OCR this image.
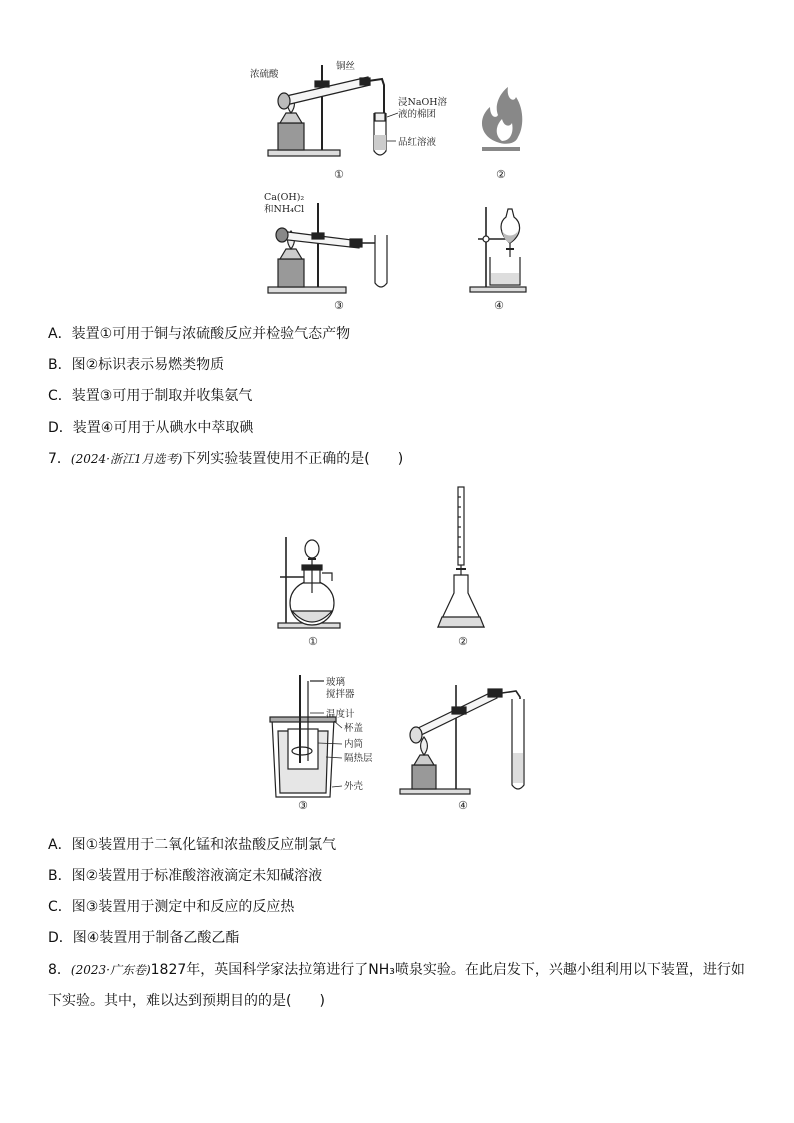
浓硫酸
铜丝
浸NaOH溶
液的棉团
品红溶液
①	②
Ca(OH)₂
和NH₄Cl
③	④
A．装置①可用于铜与浓硫酸反应并检验气态产物
B．图②标识表示易燃类物质
C．装置③可用于制取并收集氨气
D．装置④可用于从碘水中萃取碘
7．(2024·浙江1月选考)下列实验装置使用不正确的是(　　)
①	②
玻璃
搅拌器
温度计
杯盖
内筒
隔热层
外壳
③	④
A．图①装置用于二氧化锰和浓盐酸反应制氯气
B．图②装置用于标准酸溶液滴定未知碱溶液
C．图③装置用于测定中和反应的反应热
D．图④装置用于制备乙酸乙酯
8．(2023·广东卷)1827年，英国科学家法拉第进行了NH₃喷泉实验。在此启发下，兴趣小组利用以下装置，进行如
下实验。其中，难以达到预期目的的是(　　)
